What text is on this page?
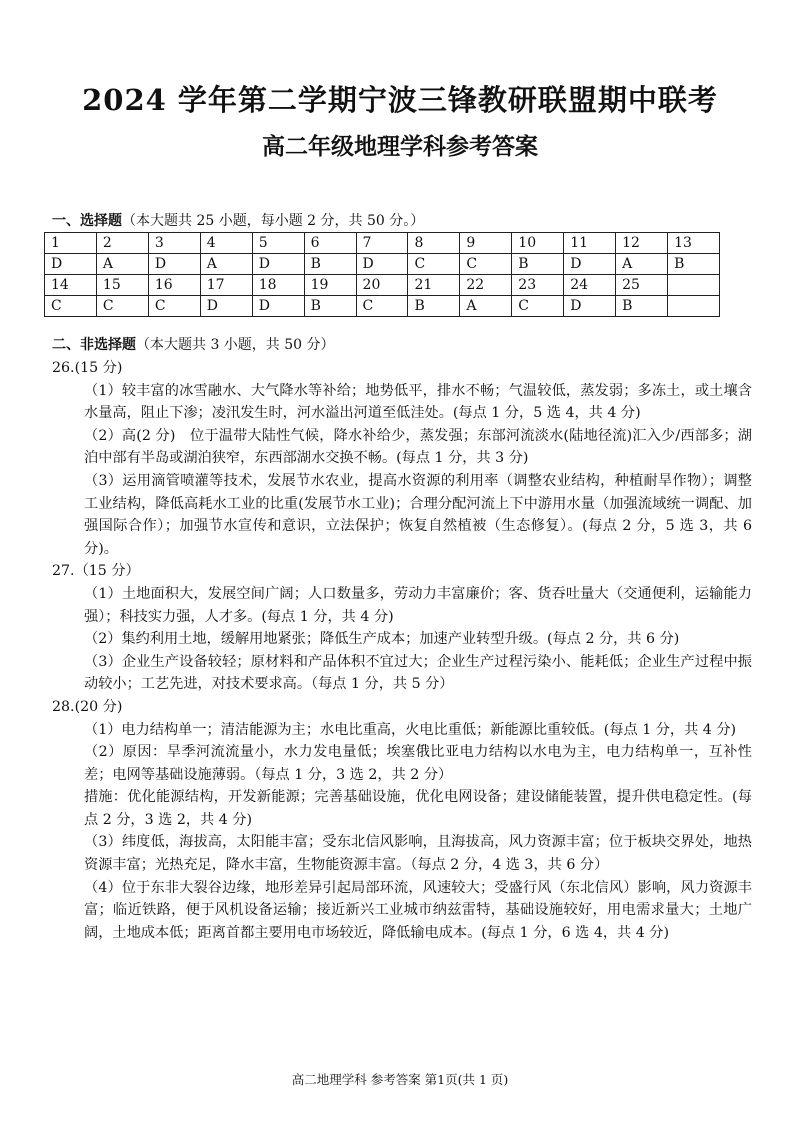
2024 学年第二学期宁波三锋教研联盟期中联考
高二年级地理学科参考答案
一、选择题（本大题共 25 小题，每小题 2 分，共 50 分。）
1	2	3	4	5	6	7	8	9	10	11	12	13
D	A	D	A	D	B	D	C	C	B	D	A	B
14	15	16	17	18	19	20	21	22	23	24	25	
C	C	C	D	D	B	C	B	A	C	D	B	
二、非选择题（本大题共 3 小题，共 50 分）

26.(15 分)

（1）较丰富的冰雪融水、大气降水等补给；地势低平，排水不畅；气温较低，蒸发弱；多冻土，或土壤含水量高，阻止下渗；凌汛发生时，河水溢出河道至低洼处。(每点 1 分，5 选 4，共 4 分)

（2）高(2 分)　位于温带大陆性气候，降水补给少，蒸发强；东部河流淡水(陆地径流)汇入少/西部多；湖泊中部有半岛或湖泊狭窄，东西部湖水交换不畅。(每点 1 分，共 3 分)

（3）运用滴管喷灌等技术，发展节水农业，提高水资源的利用率（调整农业结构，种植耐旱作物）；调整工业结构，降低高耗水工业的比重(发展节水工业)；合理分配河流上下中游用水量（加强流域统一调配、加强国际合作）；加强节水宣传和意识，立法保护；恢复自然植被（生态修复）。(每点 2 分，5 选 3，共 6 分)。

27.（15 分）

（1）土地面积大，发展空间广阔；人口数量多，劳动力丰富廉价；客、货吞吐量大（交通便利，运输能力强）；科技实力强，人才多。(每点 1 分，共 4 分)

（2）集约利用土地，缓解用地紧张；降低生产成本；加速产业转型升级。(每点 2 分，共 6 分)

（3）企业生产设备较轻；原材料和产品体积不宜过大；企业生产过程污染小、能耗低；企业生产过程中振动较小；工艺先进，对技术要求高。（每点 1 分，共 5 分）

28.(20 分)

（1）电力结构单一；清洁能源为主；水电比重高，火电比重低；新能源比重较低。(每点 1 分，共 4 分)

（2）原因：旱季河流流量小，水力发电量低；埃塞俄比亚电力结构以水电为主，电力结构单一，互补性差；电网等基础设施薄弱。（每点 1 分，3 选 2，共 2 分）

措施：优化能源结构，开发新能源；完善基础设施，优化电网设备；建设储能装置，提升供电稳定性。(每点 2 分，3 选 2，共 4 分)

（3）纬度低，海拔高，太阳能丰富；受东北信风影响，且海拔高，风力资源丰富；位于板块交界处，地热资源丰富；光热充足，降水丰富，生物能资源丰富。（每点 2 分，4 选 3，共 6 分）

（4）位于东非大裂谷边缘，地形差异引起局部环流，风速较大；受盛行风（东北信风）影响，风力资源丰富；临近铁路，便于风机设备运输；接近新兴工业城市纳兹雷特，基础设施较好，用电需求量大；土地广阔，土地成本低；距离首都主要用电市场较近，降低输电成本。(每点 1 分，6 选 4，共 4 分)

高二地理学科 参考答案 第1页(共 1 页)
